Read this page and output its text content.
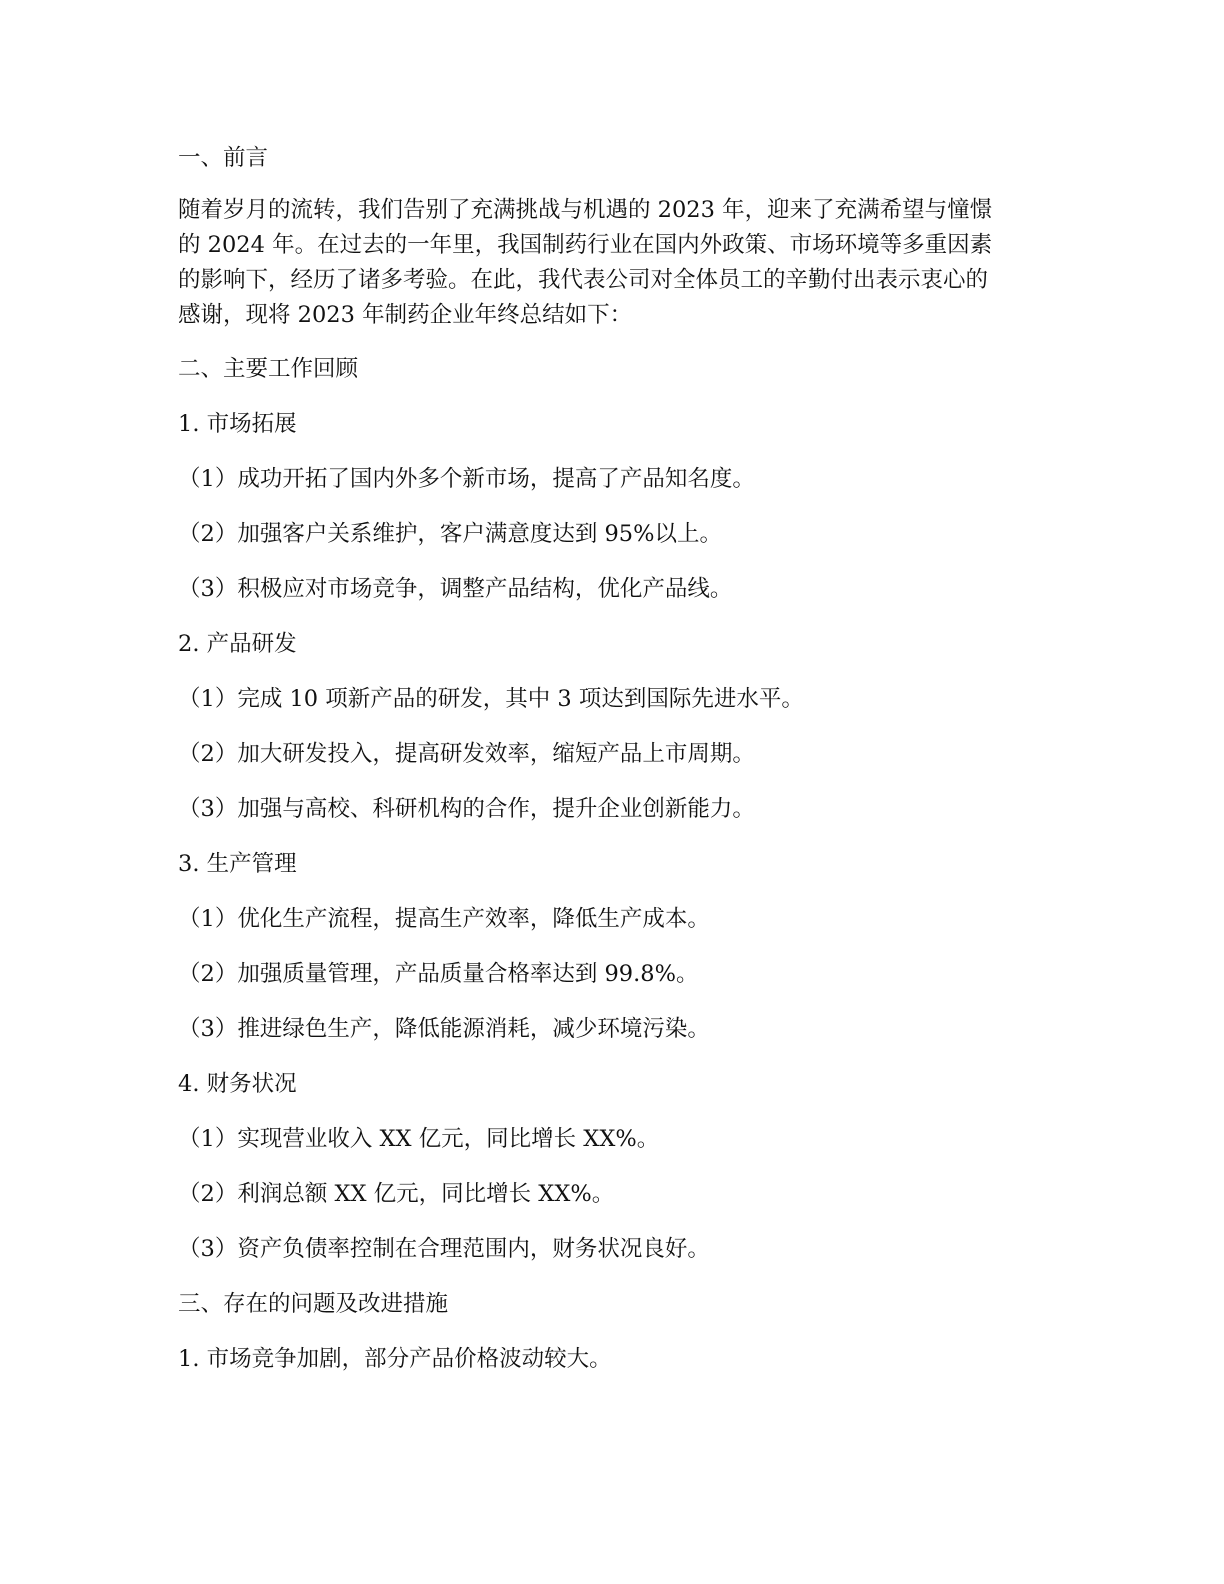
一、前言

随着岁月的流转，我们告别了充满挑战与机遇的 2023 年，迎来了充满希望与憧憬

的 2024 年。在过去的一年里，我国制药行业在国内外政策、市场环境等多重因素

的影响下，经历了诸多考验。在此，我代表公司对全体员工的辛勤付出表示衷心的

感谢，现将 2023 年制药企业年终总结如下：

二、主要工作回顾

1. 市场拓展

（1）成功开拓了国内外多个新市场，提高了产品知名度。

（2）加强客户关系维护，客户满意度达到 95%以上。

（3）积极应对市场竞争，调整产品结构，优化产品线。

2. 产品研发

（1）完成 10 项新产品的研发，其中 3 项达到国际先进水平。

（2）加大研发投入，提高研发效率，缩短产品上市周期。

（3）加强与高校、科研机构的合作，提升企业创新能力。

3. 生产管理

（1）优化生产流程，提高生产效率，降低生产成本。

（2）加强质量管理，产品质量合格率达到 99.8%。

（3）推进绿色生产，降低能源消耗，减少环境污染。

4. 财务状况

（1）实现营业收入 XX 亿元，同比增长 XX%。

（2）利润总额 XX 亿元，同比增长 XX%。

（3）资产负债率控制在合理范围内，财务状况良好。

三、存在的问题及改进措施

1. 市场竞争加剧，部分产品价格波动较大。
